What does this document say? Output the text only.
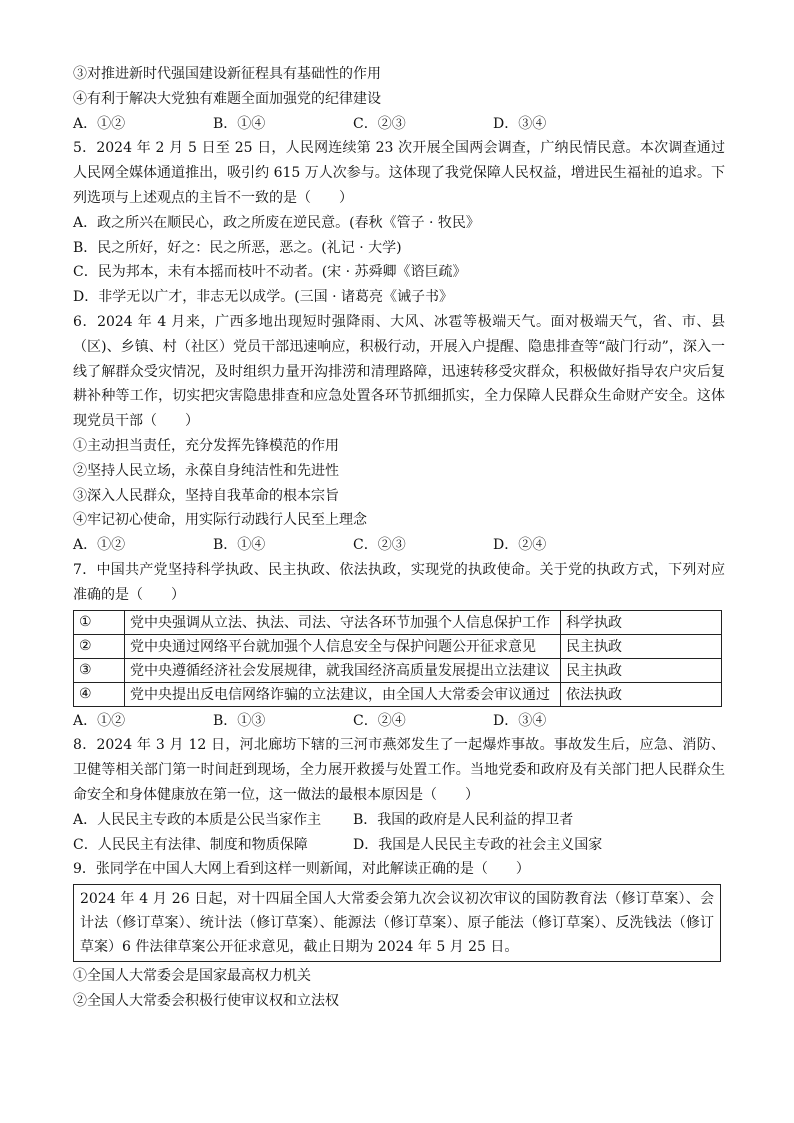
③对推进新时代强国建设新征程具有基础性的作用
④有利于解决大党独有难题全面加强党的纪律建设
A．①②	B．①④	C．②③	D．③④
5．2024 年 2 月 5 日至 25 日，人民网连续第 23 次开展全国两会调查，广纳民情民意。本次调查通过人民网全媒体通道推出，吸引约 615 万人次参与。这体现了我党保障人民权益，增进民生福祉的追求。下列选项与上述观点的主旨不一致的是（　　）
A．政之所兴在顺民心，政之所废在逆民意。(春秋《管子 · 牧民》
B．民之所好，好之：民之所恶，恶之。(礼记 · 大学)
C．民为邦本，未有本摇而枝叶不动者。(宋 · 苏舜卿《谘巨疏》
D．非学无以广才，非志无以成学。(三国 · 诸葛亮《诫子书》
6．2024 年 4 月来，广西多地出现短时强降雨、大风、冰雹等极端天气。面对极端天气，省、市、县（区)、乡镇、村（社区）党员干部迅速响应，积极行动，开展入户提醒、隐患排查等“敲门行动”，深入一线了解群众受灾情况，及时组织力量开沟排涝和清理路障，迅速转移受灾群众，积极做好指导农户灾后复耕补种等工作，切实把灾害隐患排查和应急处置各环节抓细抓实，全力保障人民群众生命财产安全。这体现党员干部（　　）
①主动担当责任，充分发挥先锋模范的作用
②坚持人民立场，永葆自身纯洁性和先进性
③深入人民群众，坚持自我革命的根本宗旨
④牢记初心使命，用实际行动践行人民至上理念
A．①②	B．①④	C．②③	D．②④
7．中国共产党坚持科学执政、民主执政、依法执政，实现党的执政使命。关于党的执政方式，下列对应准确的是（　　）
①	党中央强调从立法、执法、司法、守法各环节加强个人信息保护工作	科学执政
②	党中央通过网络平台就加强个人信息安全与保护问题公开征求意见	民主执政
③	党中央遵循经济社会发展规律，就我国经济高质量发展提出立法建议	民主执政
④	党中央提出反电信网络诈骗的立法建议，由全国人大常委会审议通过	依法执政
A．①②	B．①③	C．②④	D．③④
8．2024 年 3 月 12 日，河北廊坊下辖的三河市燕郊发生了一起爆炸事故。事故发生后，应急、消防、卫健等相关部门第一时间赶到现场，全力展开救援与处置工作。当地党委和政府及有关部门把人民群众生命安全和身体健康放在第一位，这一做法的最根本原因是（　　）
A．人民民主专政的本质是公民当家作主	B．我国的政府是人民利益的捍卫者
C．人民民主有法律、制度和物质保障	D．我国是人民民主专政的社会主义国家
9．张同学在中国人大网上看到这样一则新闻，对此解读正确的是（　　）
2024 年 4 月 26 日起，对十四届全国人大常委会第九次会议初次审议的国防教育法（修订草案）、会计法（修订草案）、统计法（修订草案）、能源法（修订草案）、原子能法（修订草案）、反洗钱法（修订草案）6 件法律草案公开征求意见，截止日期为 2024 年 5 月 25 日。
①全国人大常委会是国家最高权力机关
②全国人大常委会积极行使审议权和立法权
